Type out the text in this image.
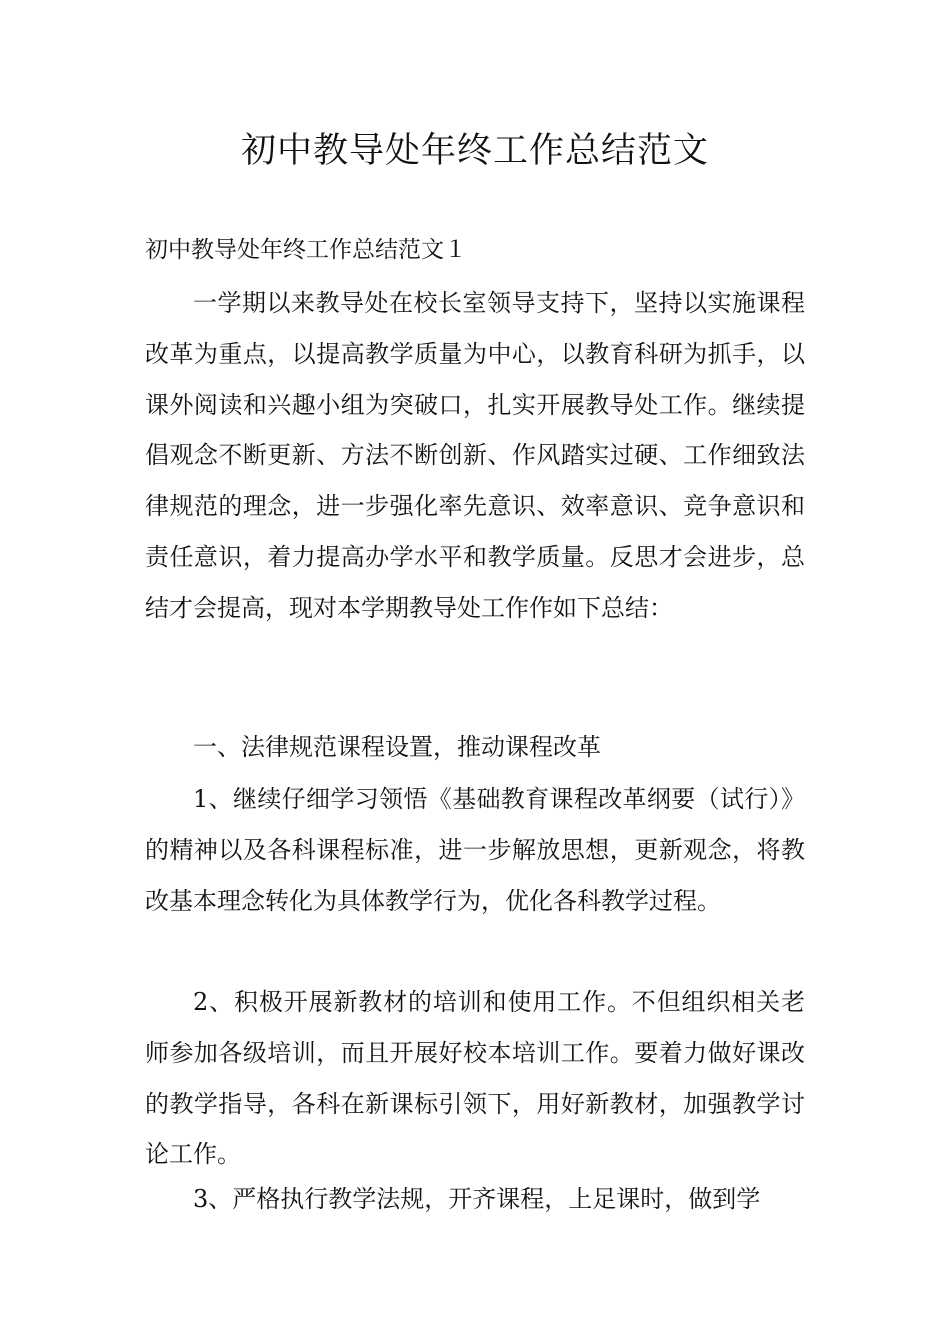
初中教导处年终工作总结范文

初中教导处年终工作总结范文１

一学期以来教导处在校长室领导支持下，坚持以实施课程改革为重点，以提高教学质量为中心，以教育科研为抓手，以课外阅读和兴趣小组为突破口，扎实开展教导处工作。继续提倡观念不断更新、方法不断创新、作风踏实过硬、工作细致法律规范的理念，进一步强化率先意识、效率意识、竞争意识和责任意识，着力提高办学水平和教学质量。反思才会进步，总结才会提高，现对本学期教导处工作作如下总结：

一、法律规范课程设置，推动课程改革

1、继续仔细学习领悟《基础教育课程改革纲要（试行）》的精神以及各科课程标准，进一步解放思想，更新观念，将教改基本理念转化为具体教学行为，优化各科教学过程。

2、积极开展新教材的培训和使用工作。不但组织相关老师参加各级培训，而且开展好校本培训工作。要着力做好课改的教学指导，各科在新课标引领下，用好新教材，加强教学讨论工作。

3、严格执行教学法规，开齐课程，上足课时，做到学
